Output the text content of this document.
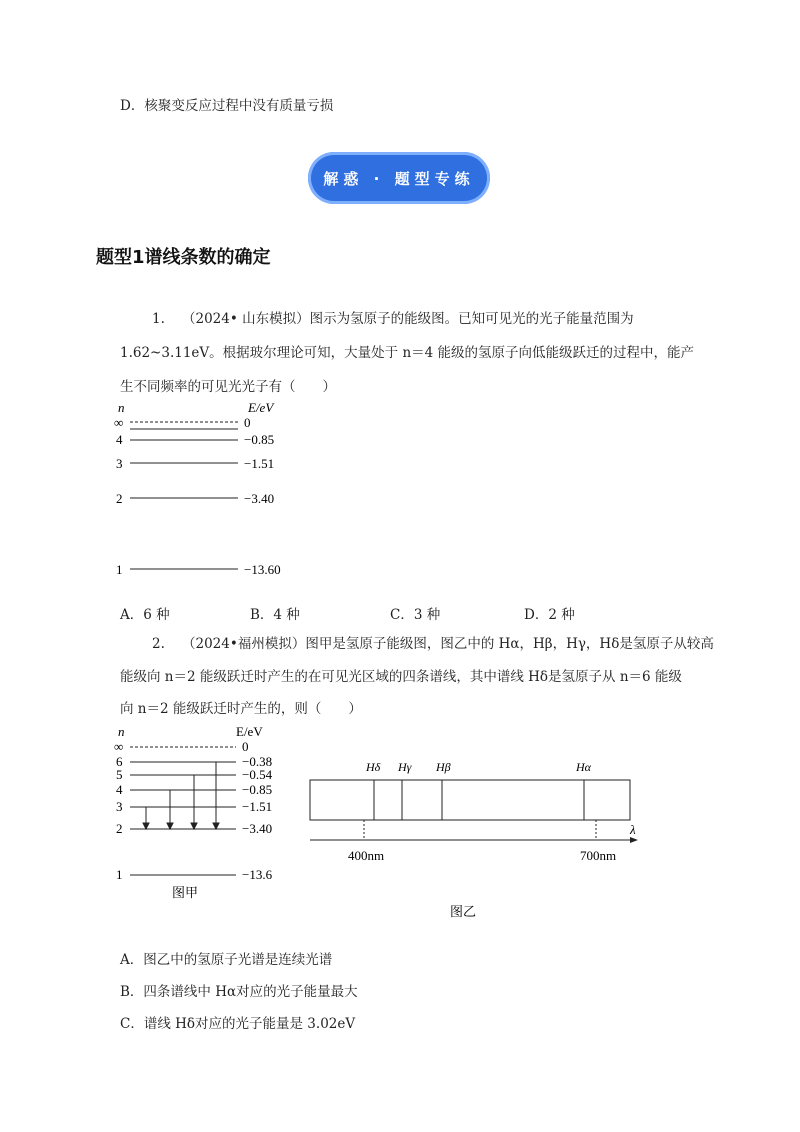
D．核聚变反应过程中没有质量亏损
解惑 · 题型专练
题型1谱线条数的确定
1. （2024• 山东模拟）图示为氢原子的能级图。已知可见光的光子能量范围为
1.62~3.11eV。根据玻尔理论可知，大量处于 n＝4 能级的氢原子向低能级跃迁的过程中，能产
生不同频率的可见光光子有（　　）
n	E/eV
∞	0
4	−0.85
3	−1.51
2	−3.40
1	−13.60
A．6 种	B．4 种	C．3 种	D．2 种
2. （2024•福州模拟）图甲是氢原子能级图，图乙中的 Hα，Hβ，Hγ，Hδ是氢原子从较高
能级向 n＝2 能级跃迁时产生的在可见光区域的四条谱线，其中谱线 Hδ是氢原子从 n＝6 能级
向 n＝2 能级跃迁时产生的，则（　　）
n	E/eV
∞	0
6	−0.38
5	−0.54
4	−0.85
3	−1.51
2	−3.40
1	−13.6
图甲
Hδ Hγ Hβ	Hα
λ
400nm	700nm
图乙
A．图乙中的氢原子光谱是连续光谱
B．四条谱线中 Hα对应的光子能量最大
C．谱线 Hδ对应的光子能量是 3.02eV
